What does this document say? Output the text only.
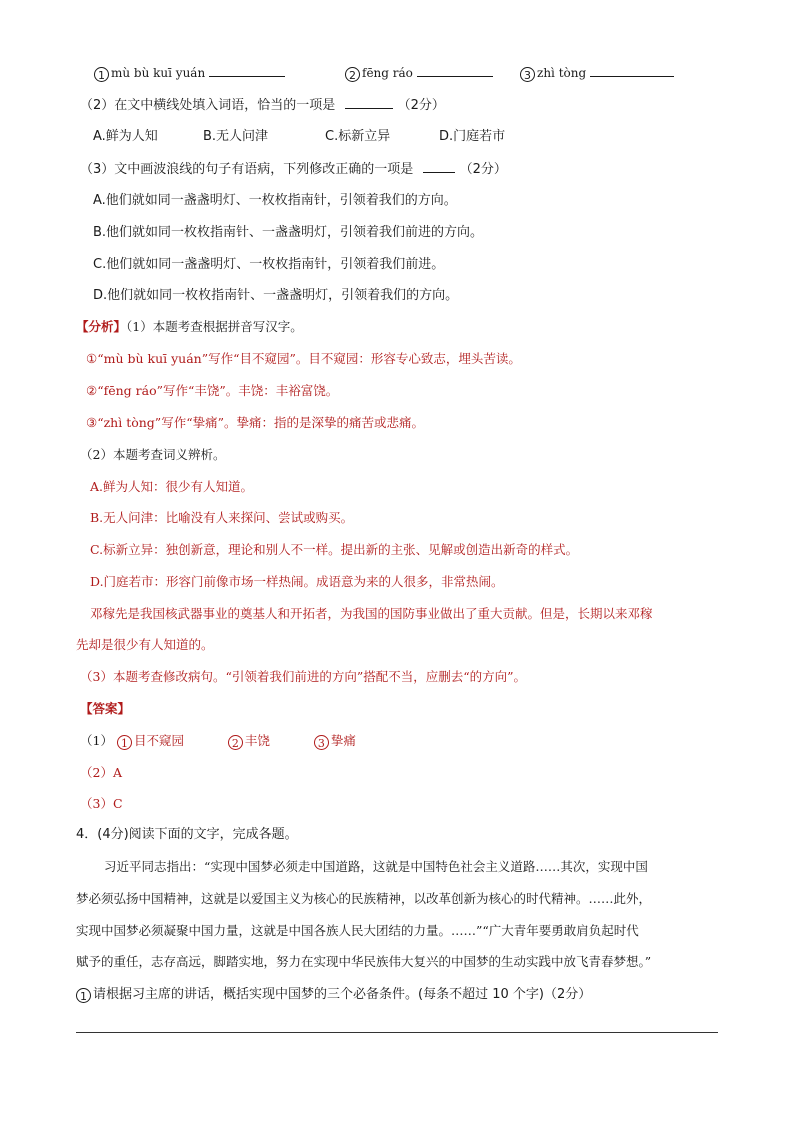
1 mù bù kuī yuán	2 fēng ráo	3 zhì tòng
（2）在文中横线处填入词语，恰当的一项是	（2分）
A.鲜为人知	B.无人问津	C.标新立异	D.门庭若市
（3）文中画波浪线的句子有语病，下列修改正确的一项是	（2分）
A.他们就如同一盏盏明灯、一枚枚指南针，引领着我们的方向。
B.他们就如同一枚枚指南针、一盏盏明灯，引领着我们前进的方向。
C.他们就如同一盏盏明灯、一枚枚指南针，引领着我们前进。
D.他们就如同一枚枚指南针、一盏盏明灯，引领着我们的方向。
【分析】（1）本题考查根据拼音写汉字。
①“mù bù kuī yuán”写作“目不窥园”。目不窥园：形容专心致志，埋头苦读。
②“fēng ráo”写作“丰饶”。丰饶：丰裕富饶。
③“zhì tòng”写作“挚痛”。挚痛：指的是深挚的痛苦或悲痛。
（2）本题考查词义辨析。
A.鲜为人知：很少有人知道。
B.无人问津：比喻没有人来探问、尝试或购买。
C.标新立异：独创新意，理论和别人不一样。提出新的主张、见解或创造出新奇的样式。
D.门庭若市：形容门前像市场一样热闹。成语意为来的人很多，非常热闹。
邓稼先是我国核武器事业的奠基人和开拓者，为我国的国防事业做出了重大贡献。但是，长期以来邓稼
先却是很少有人知道的。
（3）本题考查修改病句。“引领着我们前进的方向”搭配不当，应删去“的方向”。
【答案】
（1） 1 目不窥园	2 丰饶	3 挚痛
（2）A
（3）C
4．(4分)阅读下面的文字，完成各题。
习近平同志指出：“实现中国梦必须走中国道路，这就是中国特色社会主义道路……其次，实现中国
梦必须弘扬中国精神，这就是以爱国主义为核心的民族精神，以改革创新为核心的时代精神。……此外，
实现中国梦必须凝聚中国力量，这就是中国各族人民大团结的力量。……”“广大青年要勇敢肩负起时代
赋予的重任，志存高远，脚踏实地，努力在实现中华民族伟大复兴的中国梦的生动实践中放飞青春梦想。”
1 请根据习主席的讲话，概括实现中国梦的三个必备条件。(每条不超过 10 个字)（2分）
